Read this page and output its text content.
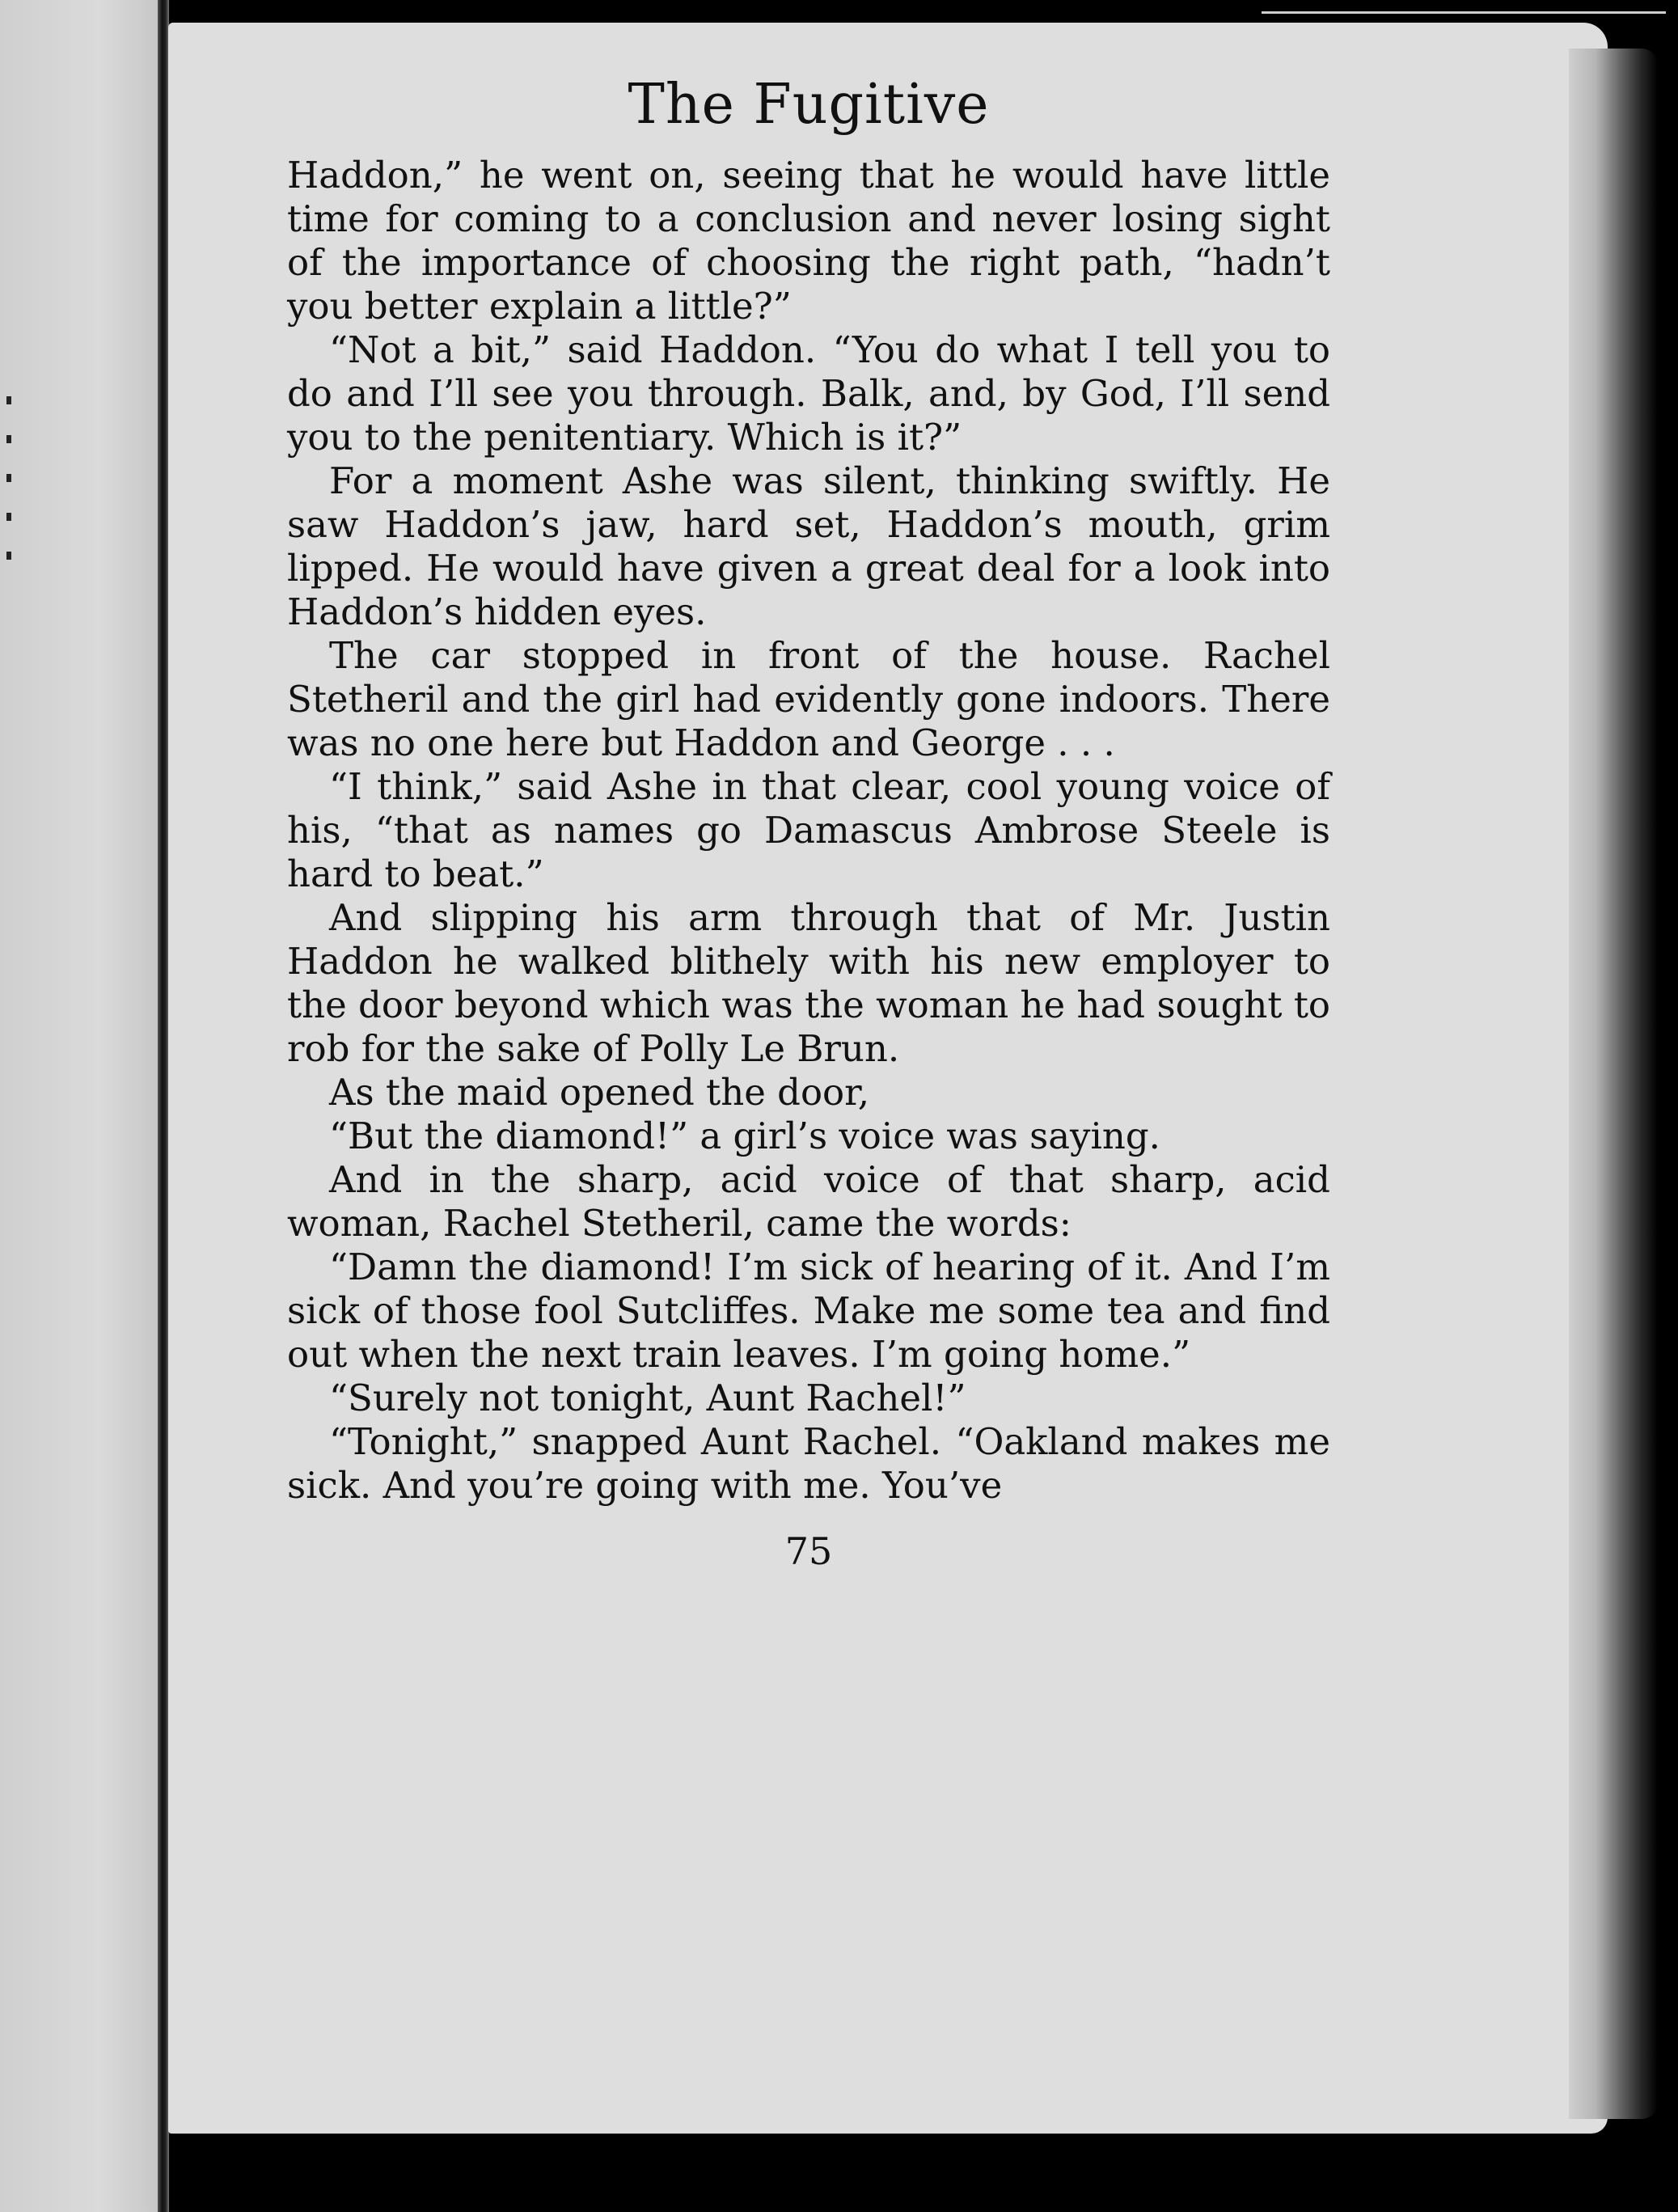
The Fugitive

Haddon,” he went on, seeing that he would have little time for coming to a conclusion and never losing sight of the importance of choosing the right path, “hadn’t you better explain a little?”

“Not a bit,” said Haddon. “You do what I tell you to do and I’ll see you through. Balk, and, by God, I’ll send you to the penitentiary. Which is it?”

For a moment Ashe was silent, thinking swiftly. He saw Haddon’s jaw, hard set, Haddon’s mouth, grim lipped. He would have given a great deal for a look into Haddon’s hidden eyes.

The car stopped in front of the house. Rachel Stetheril and the girl had evidently gone indoors. There was no one here but Haddon and George . . .

“I think,” said Ashe in that clear, cool young voice of his, “that as names go Damascus Ambrose Steele is hard to beat.”

And slipping his arm through that of Mr. Justin Haddon he walked blithely with his new employer to the door beyond which was the woman he had sought to rob for the sake of Polly Le Brun.

As the maid opened the door,

“But the diamond!” a girl’s voice was saying.

And in the sharp, acid voice of that sharp, acid woman, Rachel Stetheril, came the words:

“Damn the diamond! I’m sick of hearing of it. And I’m sick of those fool Sutcliffes. Make me some tea and find out when the next train leaves. I’m going home.”

“Surely not tonight, Aunt Rachel!”

“Tonight,” snapped Aunt Rachel. “Oakland makes me sick. And you’re going with me. You’ve

75
